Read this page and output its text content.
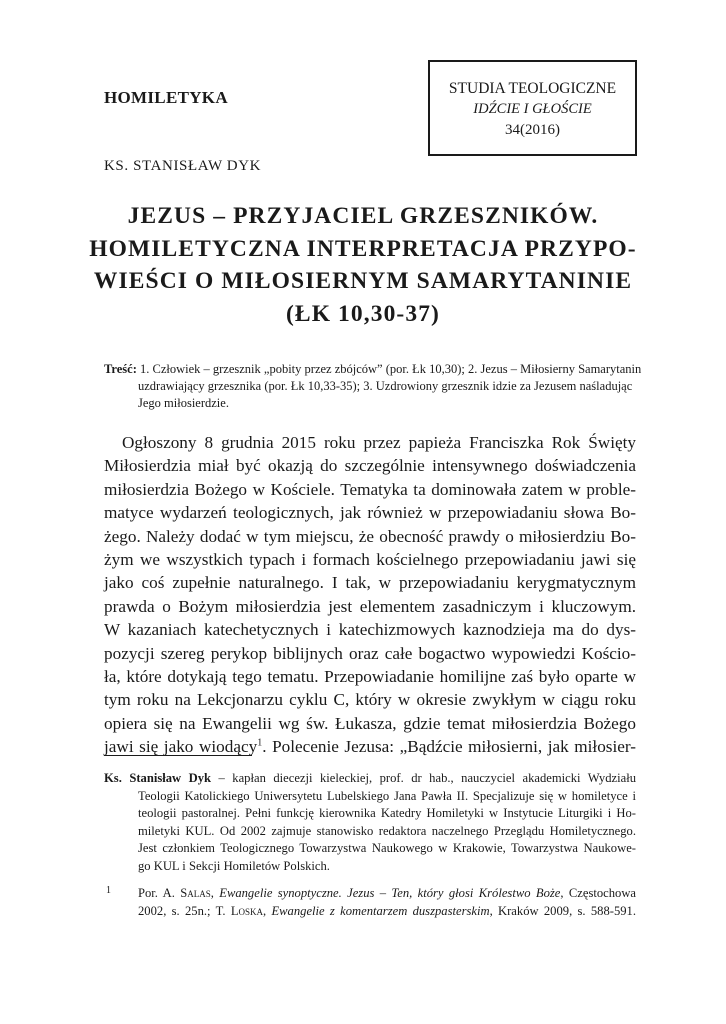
HOMILETYKA	STUDIA TEOLOGICZNE
IDŹCIE I GŁOŚCIE
34(2016)
KS. STANISŁAW DYK
JEZUS – PRZYJACIEL GRZESZNIKÓW.
HOMILETYCZNA INTERPRETACJA PRZYPO-
WIEŚCI O MIŁOSIERNYM SAMARYTANINIE
(ŁK 10,30-37)
Treść: 1. Człowiek – grzesznik „pobity przez zbójców” (por. Łk 10,30); 2. Jezus – Miłosierny Samarytanin
uzdrawiający grzesznika (por. Łk 10,33-35); 3. Uzdrowiony grzesznik idzie za Jezusem naśladując
Jego miłosierdzie.
Ogłoszony 8 grudnia 2015 roku przez papieża Franciszka Rok Święty
Miłosierdzia miał być okazją do szczególnie intensywnego doświadczenia
miłosierdzia Bożego w Kościele. Tematyka ta dominowała zatem w proble-
matyce wydarzeń teologicznych, jak również w przepowiadaniu słowa Bo-
żego. Należy dodać w tym miejscu, że obecność prawdy o miłosierdziu Bo-
żym we wszystkich typach i formach kościelnego przepowiadaniu jawi się
jako coś zupełnie naturalnego. I tak, w przepowiadaniu kerygmatycznym
prawda o Bożym miłosierdzia jest elementem zasadniczym i kluczowym.
W kazaniach katechetycznych i katechizmowych kaznodzieja ma do dys-
pozycji szereg perykop biblijnych oraz całe bogactwo wypowiedzi Kościo-
ła, które dotykają tego tematu. Przepowiadanie homilijne zaś było oparte w
tym roku na Lekcjonarzu cyklu C, który w okresie zwykłym w ciągu roku
opiera się na Ewangelii wg św. Łukasza, gdzie temat miłosierdzia Bożego
jawi się jako wiodący$^1$. Polecenie Jezusa: „Bądźcie miłosierni, jak miłosier-
Ks. Stanisław Dyk – kapłan diecezji kieleckiej, prof. dr hab., nauczyciel akademicki Wydziału
Teologii Katolickiego Uniwersytetu Lubelskiego Jana Pawła II. Specjalizuje się w homiletyce i
teologii pastoralnej. Pełni funkcję kierownika Katedry Homiletyki w Instytucie Liturgiki i Ho-
miletyki KUL. Od 2002 zajmuje stanowisko redaktora naczelnego Przeglądu Homiletycznego.
Jest członkiem Teologicznego Towarzystwa Naukowego w Krakowie, Towarzystwa Naukowe-
go KUL i Sekcji Homiletów Polskich.
1	Por. A. Salas, Ewangelie synoptyczne. Jezus – Ten, który głosi Królestwo Boże, Częstochowa
2002, s. 25n.; T. Loska, Ewangelie z komentarzem duszpasterskim, Kraków 2009, s. 588-591.
